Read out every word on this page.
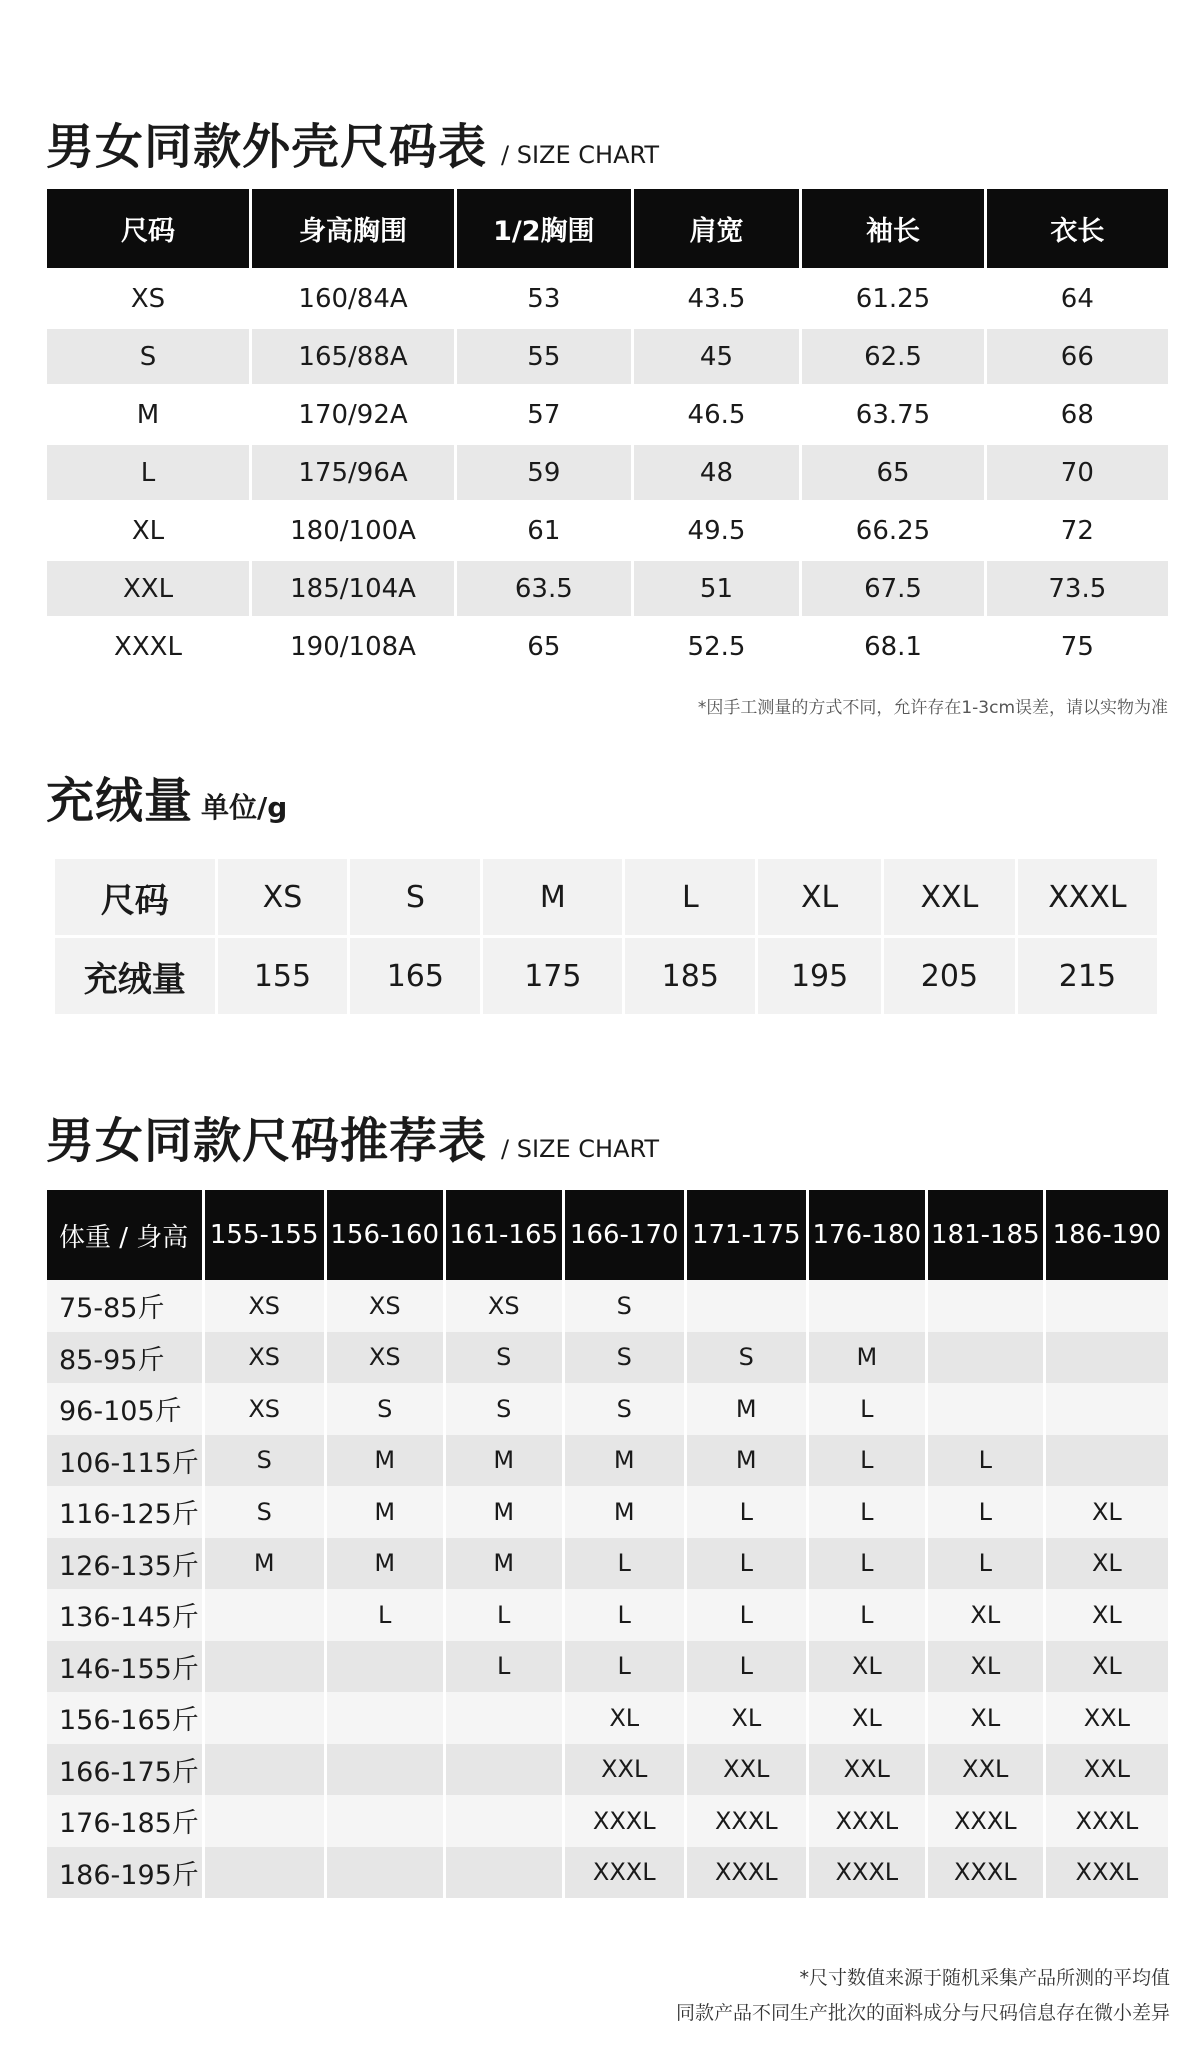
男女同款外壳尺码表 / SIZE CHART
尺码	身高胸围	1/2胸围	肩宽	袖长	衣长
XS	160/84A	53	43.5	61.25	64
S	165/88A	55	45	62.5	66
M	170/92A	57	46.5	63.75	68
L	175/96A	59	48	65	70
XL	180/100A	61	49.5	66.25	72
XXL	185/104A	63.5	51	67.5	73.5
XXXL	190/108A	65	52.5	68.1	75
*因手工测量的方式不同，允许存在1-3cm误差，请以实物为准
充绒量 单位/g
尺码	XS	S	M	L	XL	XXL	XXXL
充绒量	155	165	175	185	195	205	215
男女同款尺码推荐表 / SIZE CHART
体重 / 身高	155-155	156-160	161-165	166-170	171-175	176-180	181-185	186-190
75-85斤	XS	XS	XS	S				
85-95斤	XS	XS	S	S	S	M		
96-105斤	XS	S	S	S	M	L		
106-115斤	S	M	M	M	M	L	L	
116-125斤	S	M	M	M	L	L	L	XL
126-135斤	M	M	M	L	L	L	L	XL
136-145斤		L	L	L	L	L	XL	XL
146-155斤			L	L	L	XL	XL	XL
156-165斤				XL	XL	XL	XL	XXL
166-175斤				XXL	XXL	XXL	XXL	XXL
176-185斤				XXXL	XXXL	XXXL	XXXL	XXXL
186-195斤				XXXL	XXXL	XXXL	XXXL	XXXL
*尺寸数值来源于随机采集产品所测的平均值
同款产品不同生产批次的面料成分与尺码信息存在微小差异
